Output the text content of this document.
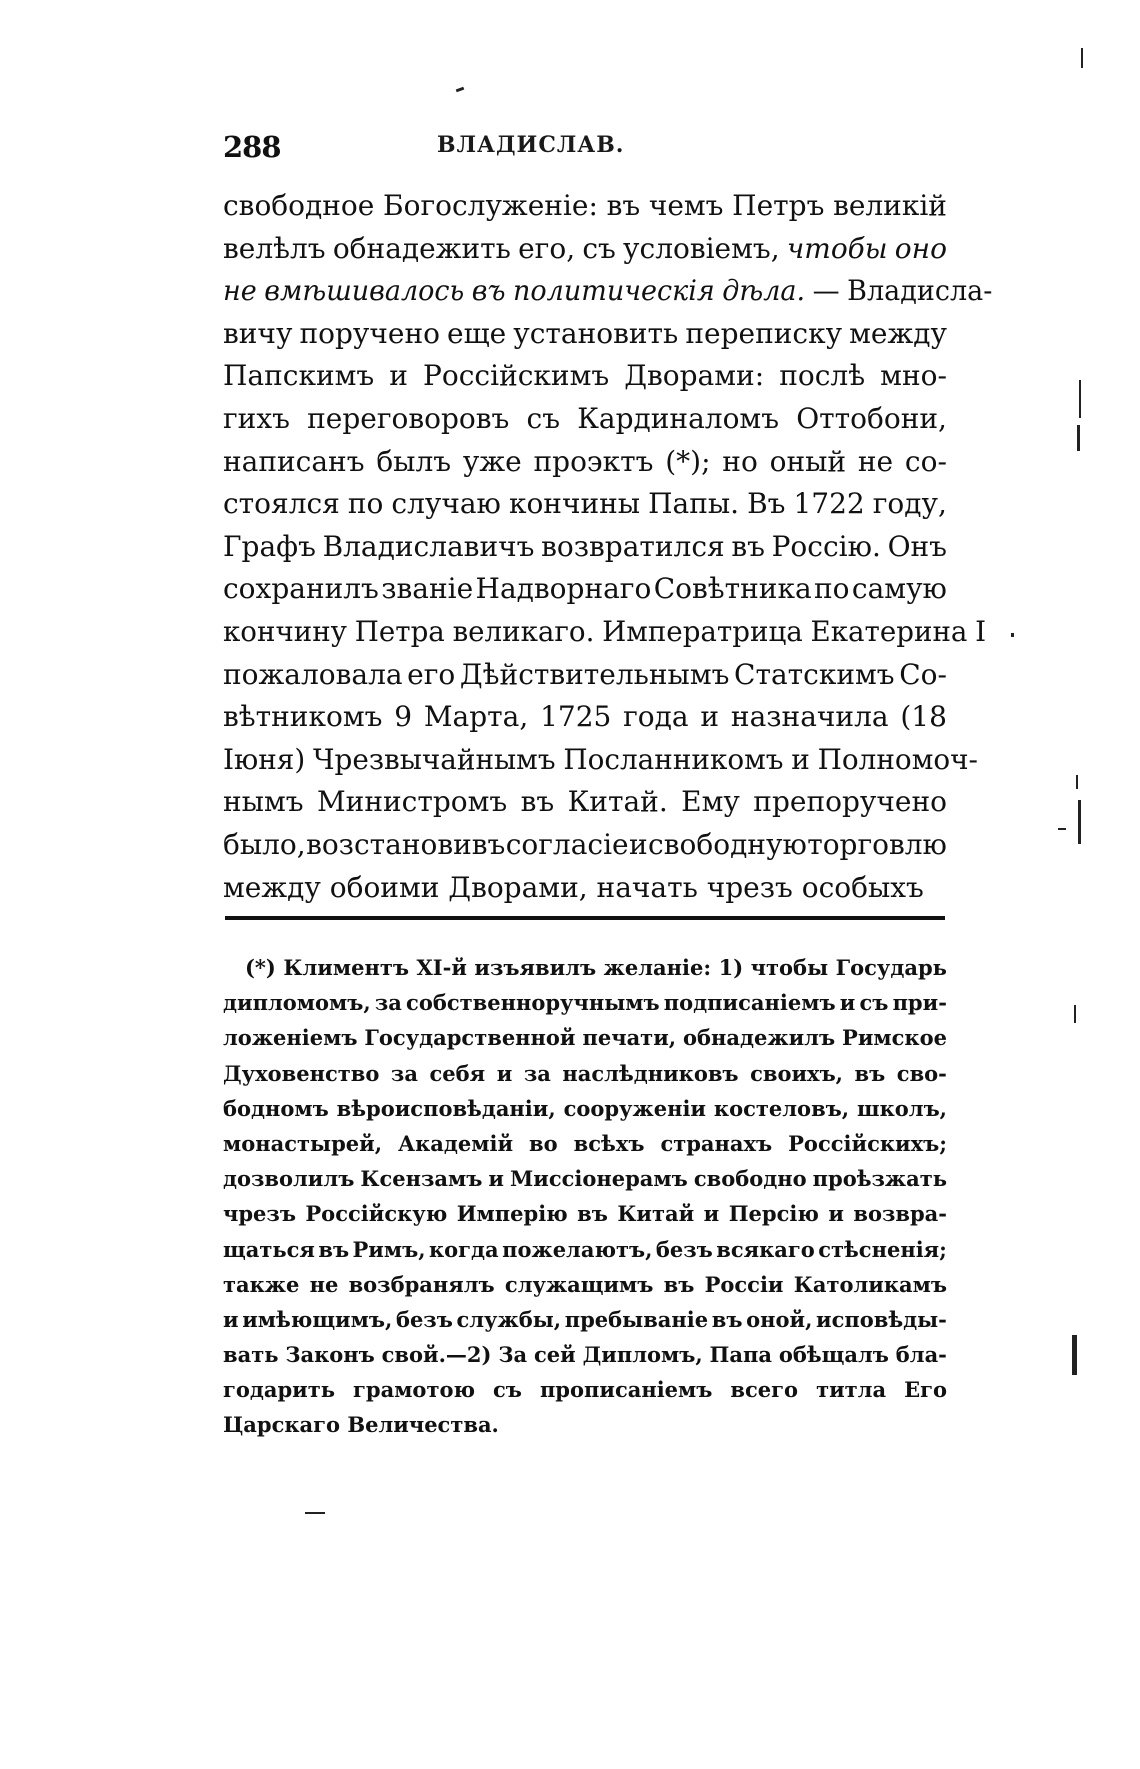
288	ВЛАДИСЛАВ.
свободное Богослуженіе: въ чемъ Петръ великій
велѣлъ обнадежить его, съ условіемъ, чтобы оно
не вмѣшивалось въ политическія дѣла. — Владисла-
вичу поручено еще установить переписку между
Папскимъ и Россійскимъ Дворами: послѣ мно-
гихъ переговоровъ съ Кардиналомъ Оттобони,
написанъ былъ уже проэктъ (*); но оный не со-
стоялся по случаю кончины Папы. Въ 1722 году,
Графъ Владиславичъ возвратился въ Россію. Онъ
сохранилъ званіе Надворнаго Совѣтника по самую
кончину Петра великаго. Императрица Екатерина I
пожаловала его Дѣйствительнымъ Статскимъ Со-
вѣтникомъ 9 Марта, 1725 года и назначила (18
Іюня) Чрезвычайнымъ Посланникомъ и Полномоч-
нымъ Министромъ въ Китай. Ему препоручено
было, возстановивъ согласіе и свободную торговлю
между обоими Дворами, начать чрезъ особыхъ
(*) Климентъ XI-й изъявилъ желаніе: 1) чтобы Государь
дипломомъ, за собственноручнымъ подписаніемъ и съ при-
ложеніемъ Государственной печати, обнадежилъ Римское
Духовенство за себя и за наслѣдниковъ своихъ, въ сво-
бодномъ вѣроисповѣданіи, сооруженіи костеловъ, школъ,
монастырей, Академій во всѣхъ странахъ Россійскихъ;
дозволилъ Ксензамъ и Миссіонерамъ свободно проѣзжать
чрезъ Россійскую Имперію въ Китай и Персію и возвра-
щаться въ Римъ, когда пожелаютъ, безъ всякаго стѣсненія;
также не возбранялъ служащимъ въ Россіи Католикамъ
и имѣющимъ, безъ службы, пребываніе въ оной, исповѣды-
вать Законъ свой.—2) За сей Дипломъ, Папа обѣщалъ бла-
годарить грамотою съ прописаніемъ всего титла Его
Царскаго Величества.
